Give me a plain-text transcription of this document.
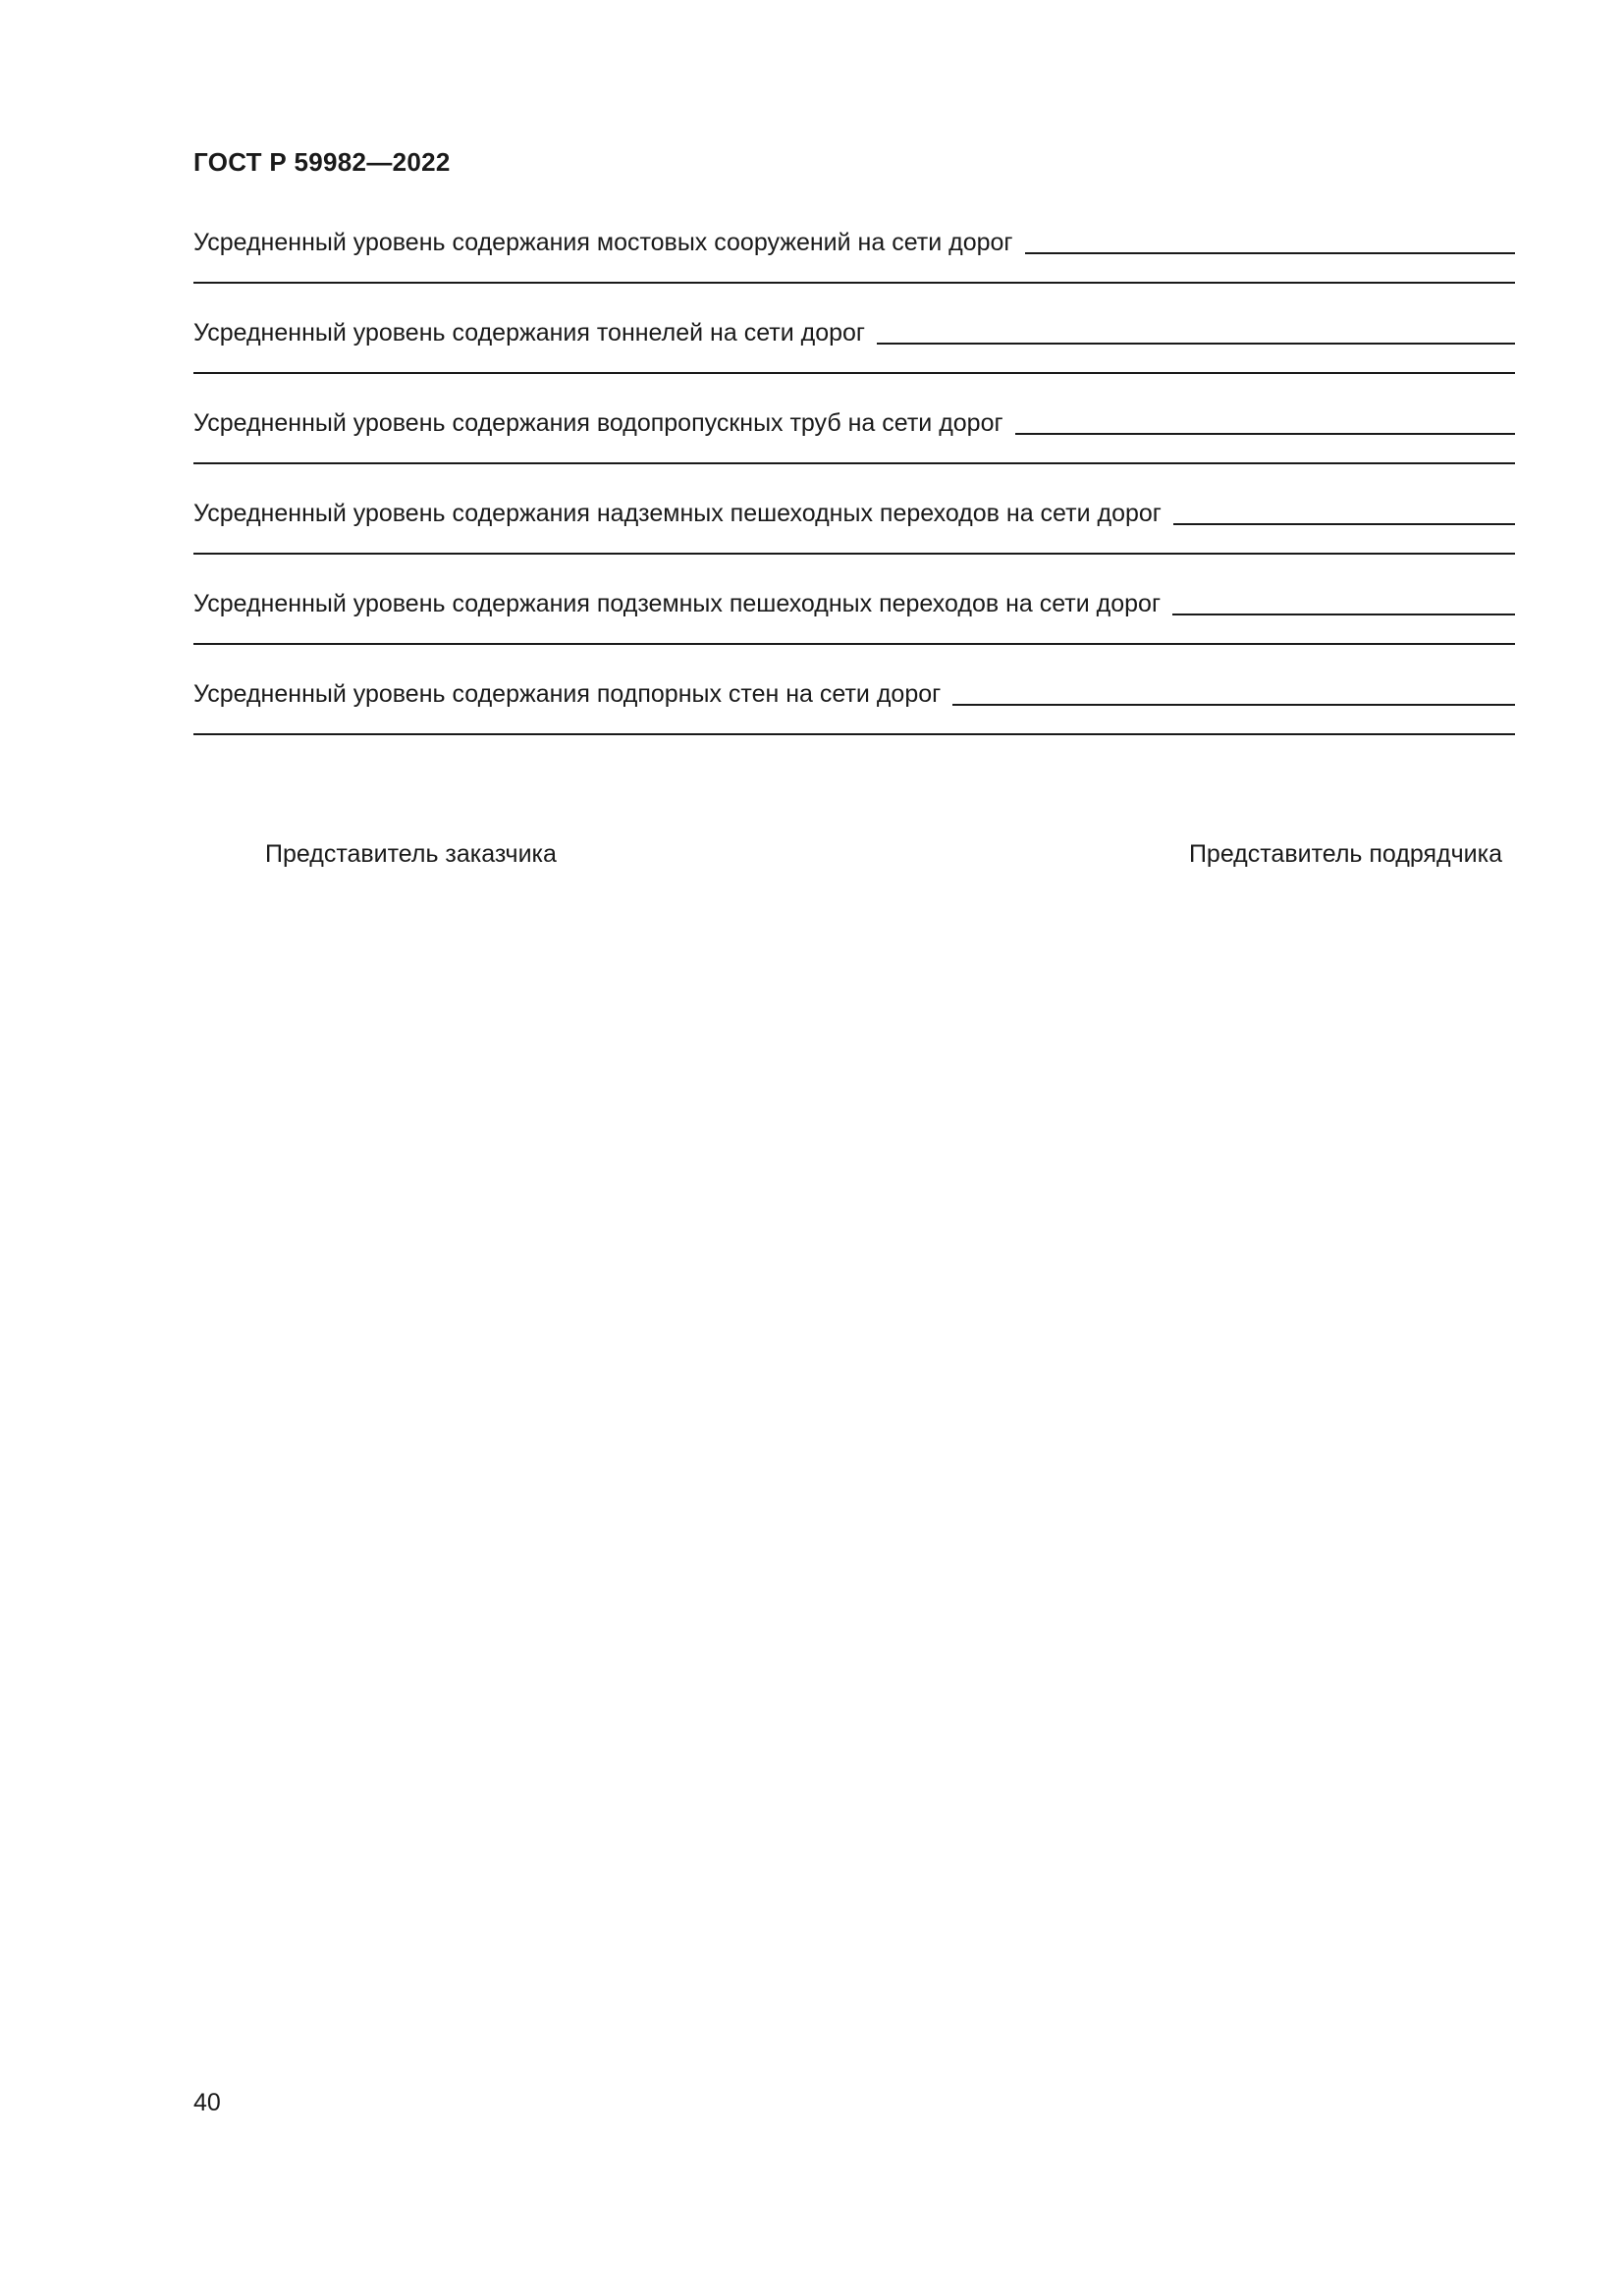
ГОСТ Р 59982—2022
Усредненный уровень содержания мостовых сооружений на сети дорог
Усредненный уровень содержания тоннелей на сети дорог
Усредненный уровень содержания водопропускных труб на сети дорог
Усредненный уровень содержания надземных пешеходных переходов на сети дорог
Усредненный уровень содержания подземных пешеходных переходов на сети дорог
Усредненный уровень содержания подпорных стен на сети дорог
Представитель заказчика	Представитель подрядчика
40
